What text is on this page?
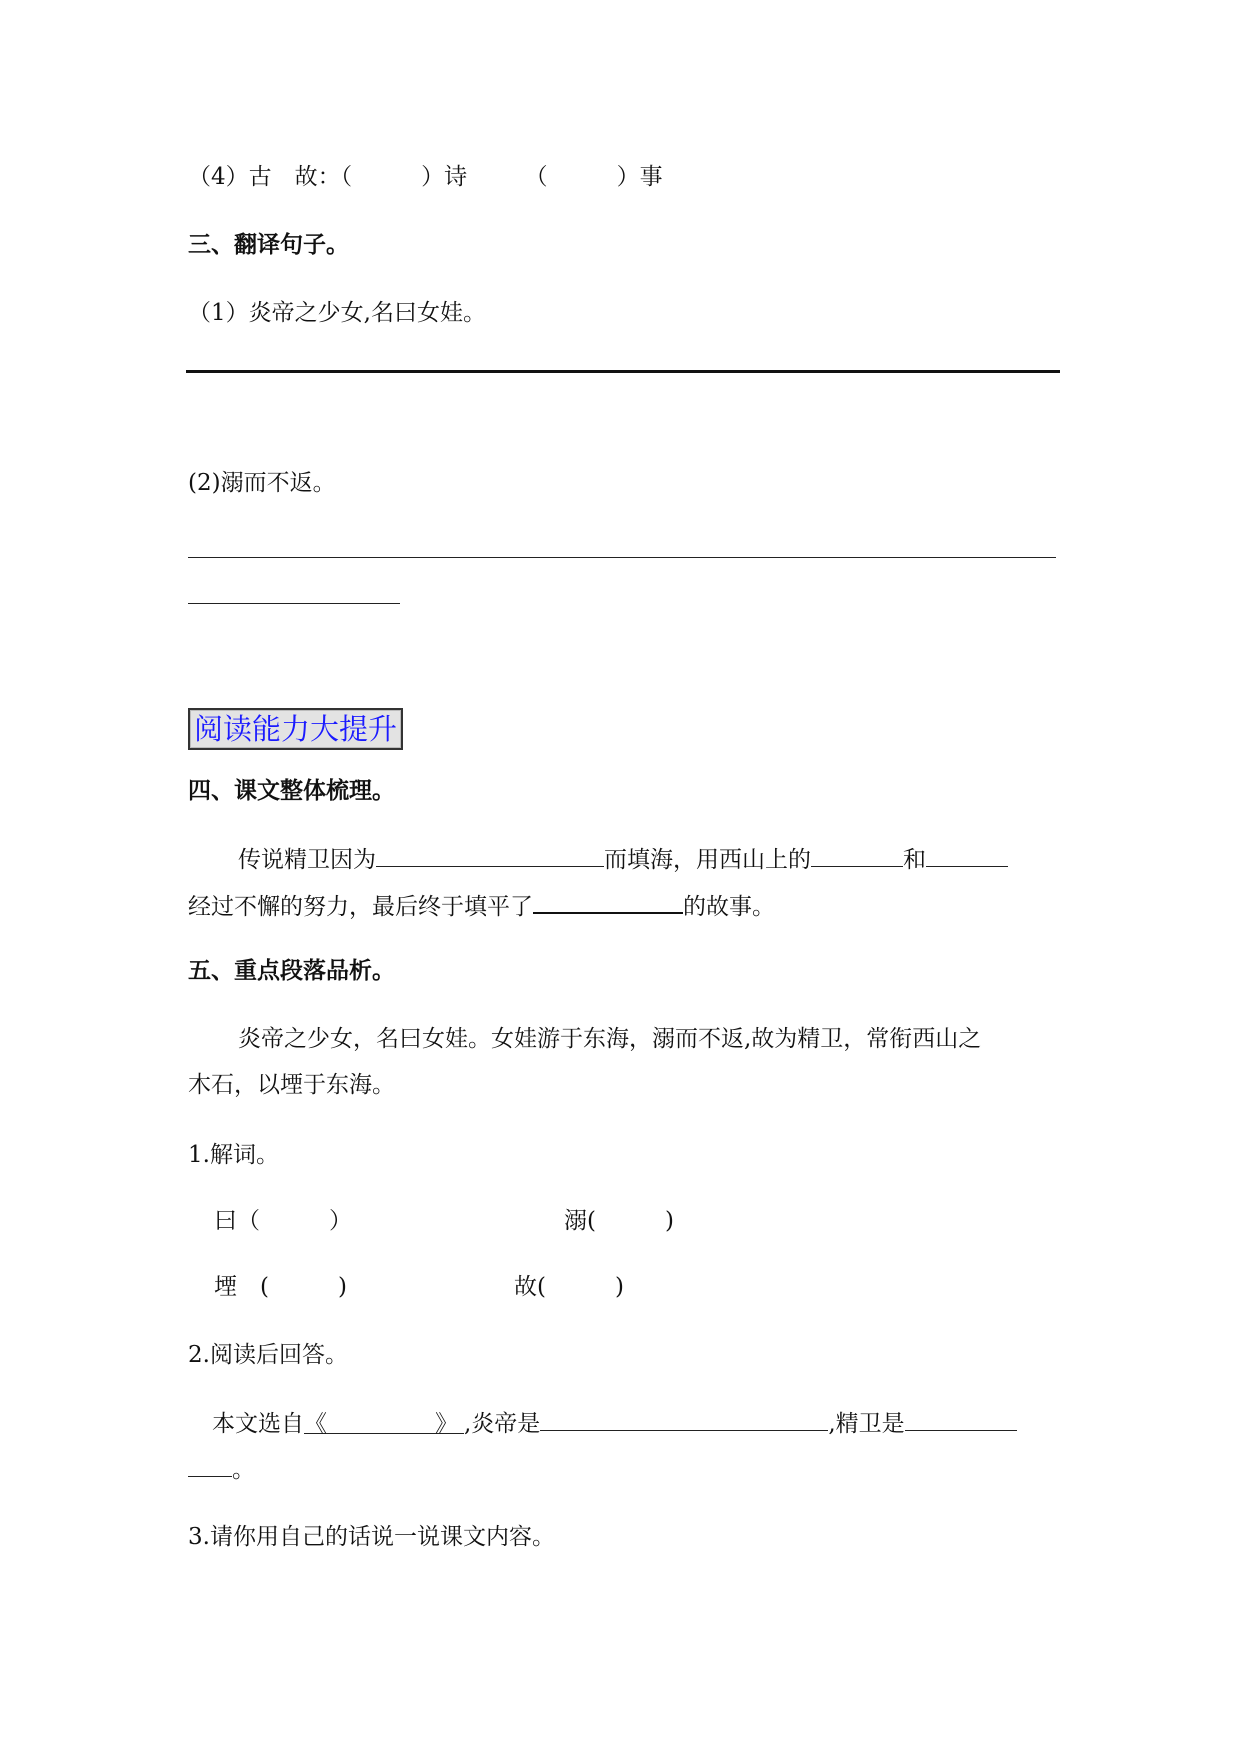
（4）古　故：（　　　）诗　　　（　　　）事
三、翻译句子。
（1）炎帝之少女,名曰女娃。
(2)溺而不返。
阅读能力大提升
四、课文整体梳理。
传说精卫因为	而填海，用西山上的	和
经过不懈的努力，最后终于填平了	的故事。
五、重点段落品析。
炎帝之少女，名曰女娃。女娃游于东海，溺而不返,故为精卫，常衔西山之
木石，以堙于东海。
1.解词。
曰（　　　）	溺(　　　)
堙　(　　　)	故(　　　)
2.阅读后回答。
本文选自《	》 ,炎帝是	,精卫是
。
3.请你用自己的话说一说课文内容。
